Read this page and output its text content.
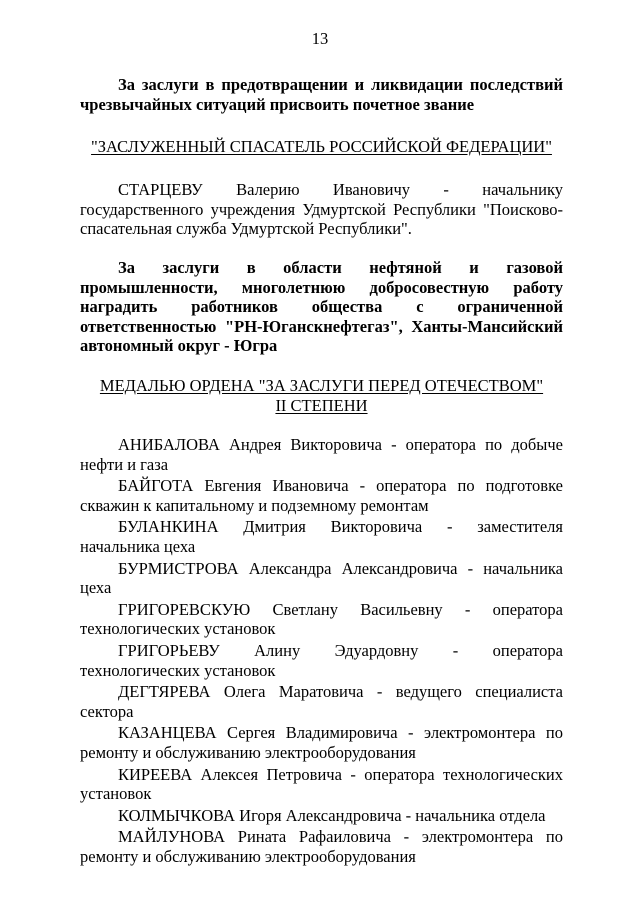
13

За заслуги в предотвращении и ликвидации последствий чрезвычайных ситуаций присвоить почетное звание

"ЗАСЛУЖЕННЫЙ СПАСАТЕЛЬ РОССИЙСКОЙ ФЕДЕРАЦИИ"

СТАРЦЕВУ Валерию Ивановичу - начальнику государственного учреждения Удмуртской Республики "Поисково-спасательная служба Удмуртской Республики".

За заслуги в области нефтяной и газовой промышленности, многолетнюю добросовестную работу наградить работников общества с ограниченной ответственностью "РН-Юганскнефтегаз", Ханты-Мансийский автономный округ - Югра

МЕДАЛЬЮ ОРДЕНА "ЗА ЗАСЛУГИ ПЕРЕД ОТЕЧЕСТВОМ"
II СТЕПЕНИ

АНИБАЛОВА Андрея Викторовича - оператора по добыче нефти и газа

БАЙГОТА Евгения Ивановича - оператора по подготовке скважин к капитальному и подземному ремонтам

БУЛАНКИНА Дмитрия Викторовича - заместителя начальника цеха

БУРМИСТРОВА Александра Александровича - начальника цеха

ГРИГОРЕВСКУЮ Светлану Васильевну - оператора технологических установок

ГРИГОРЬЕВУ Алину Эдуардовну - оператора технологических установок

ДЕГТЯРЕВА Олега Маратовича - ведущего специалиста сектора

КАЗАНЦЕВА Сергея Владимировича - электромонтера по ремонту и обслуживанию электрооборудования

КИРЕЕВА Алексея Петровича - оператора технологических установок

КОЛМЫЧКОВА Игоря Александровича - начальника отдела

МАЙЛУНОВА Рината Рафаиловича - электромонтера по ремонту и обслуживанию электрооборудования
